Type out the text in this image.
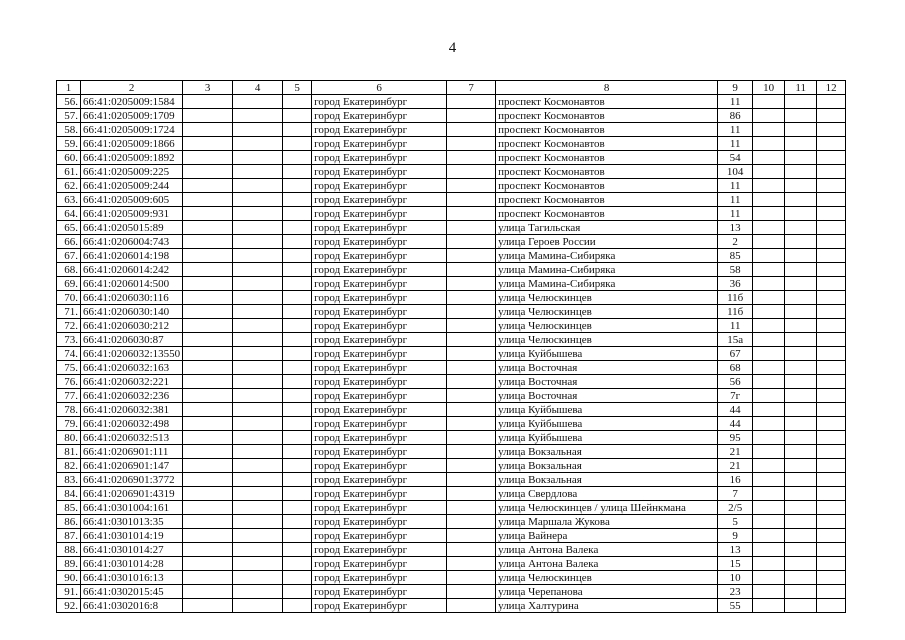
4
1	2	3	4	5	6	7	8	9	10	11	12
56.	66:41:0205009:1584				город Екатеринбург		проспект Космонавтов	11			
57.	66:41:0205009:1709				город Екатеринбург		проспект Космонавтов	86			
58.	66:41:0205009:1724				город Екатеринбург		проспект Космонавтов	11			
59.	66:41:0205009:1866				город Екатеринбург		проспект Космонавтов	11			
60.	66:41:0205009:1892				город Екатеринбург		проспект Космонавтов	54			
61.	66:41:0205009:225				город Екатеринбург		проспект Космонавтов	104			
62.	66:41:0205009:244				город Екатеринбург		проспект Космонавтов	11			
63.	66:41:0205009:605				город Екатеринбург		проспект Космонавтов	11			
64.	66:41:0205009:931				город Екатеринбург		проспект Космонавтов	11			
65.	66:41:0205015:89				город Екатеринбург		улица Тагильская	13			
66.	66:41:0206004:743				город Екатеринбург		улица Героев России	2			
67.	66:41:0206014:198				город Екатеринбург		улица Мамина-Сибиряка	85			
68.	66:41:0206014:242				город Екатеринбург		улица Мамина-Сибиряка	58			
69.	66:41:0206014:500				город Екатеринбург		улица Мамина-Сибиряка	36			
70.	66:41:0206030:116				город Екатеринбург		улица Челюскинцев	11б			
71.	66:41:0206030:140				город Екатеринбург		улица Челюскинцев	11б			
72.	66:41:0206030:212				город Екатеринбург		улица Челюскинцев	11			
73.	66:41:0206030:87				город Екатеринбург		улица Челюскинцев	15а			
74.	66:41:0206032:13550				город Екатеринбург		улица Куйбышева	67			
75.	66:41:0206032:163				город Екатеринбург		улица Восточная	68			
76.	66:41:0206032:221				город Екатеринбург		улица Восточная	56			
77.	66:41:0206032:236				город Екатеринбург		улица Восточная	7г			
78.	66:41:0206032:381				город Екатеринбург		улица Куйбышева	44			
79.	66:41:0206032:498				город Екатеринбург		улица Куйбышева	44			
80.	66:41:0206032:513				город Екатеринбург		улица Куйбышева	95			
81.	66:41:0206901:111				город Екатеринбург		улица Вокзальная	21			
82.	66:41:0206901:147				город Екатеринбург		улица Вокзальная	21			
83.	66:41:0206901:3772				город Екатеринбург		улица Вокзальная	16			
84.	66:41:0206901:4319				город Екатеринбург		улица Свердлова	7			
85.	66:41:0301004:161				город Екатеринбург		улица Челюскинцев / улица Шейнкмана	2/5			
86.	66:41:0301013:35				город Екатеринбург		улица Маршала Жукова	5			
87.	66:41:0301014:19				город Екатеринбург		улица Вайнера	9			
88.	66:41:0301014:27				город Екатеринбург		улица Антона Валека	13			
89.	66:41:0301014:28				город Екатеринбург		улица Антона Валека	15			
90.	66:41:0301016:13				город Екатеринбург		улица Челюскинцев	10			
91.	66:41:0302015:45				город Екатеринбург		улица Черепанова	23			
92.	66:41:0302016:8				город Екатеринбург		улица Халтурина	55			
